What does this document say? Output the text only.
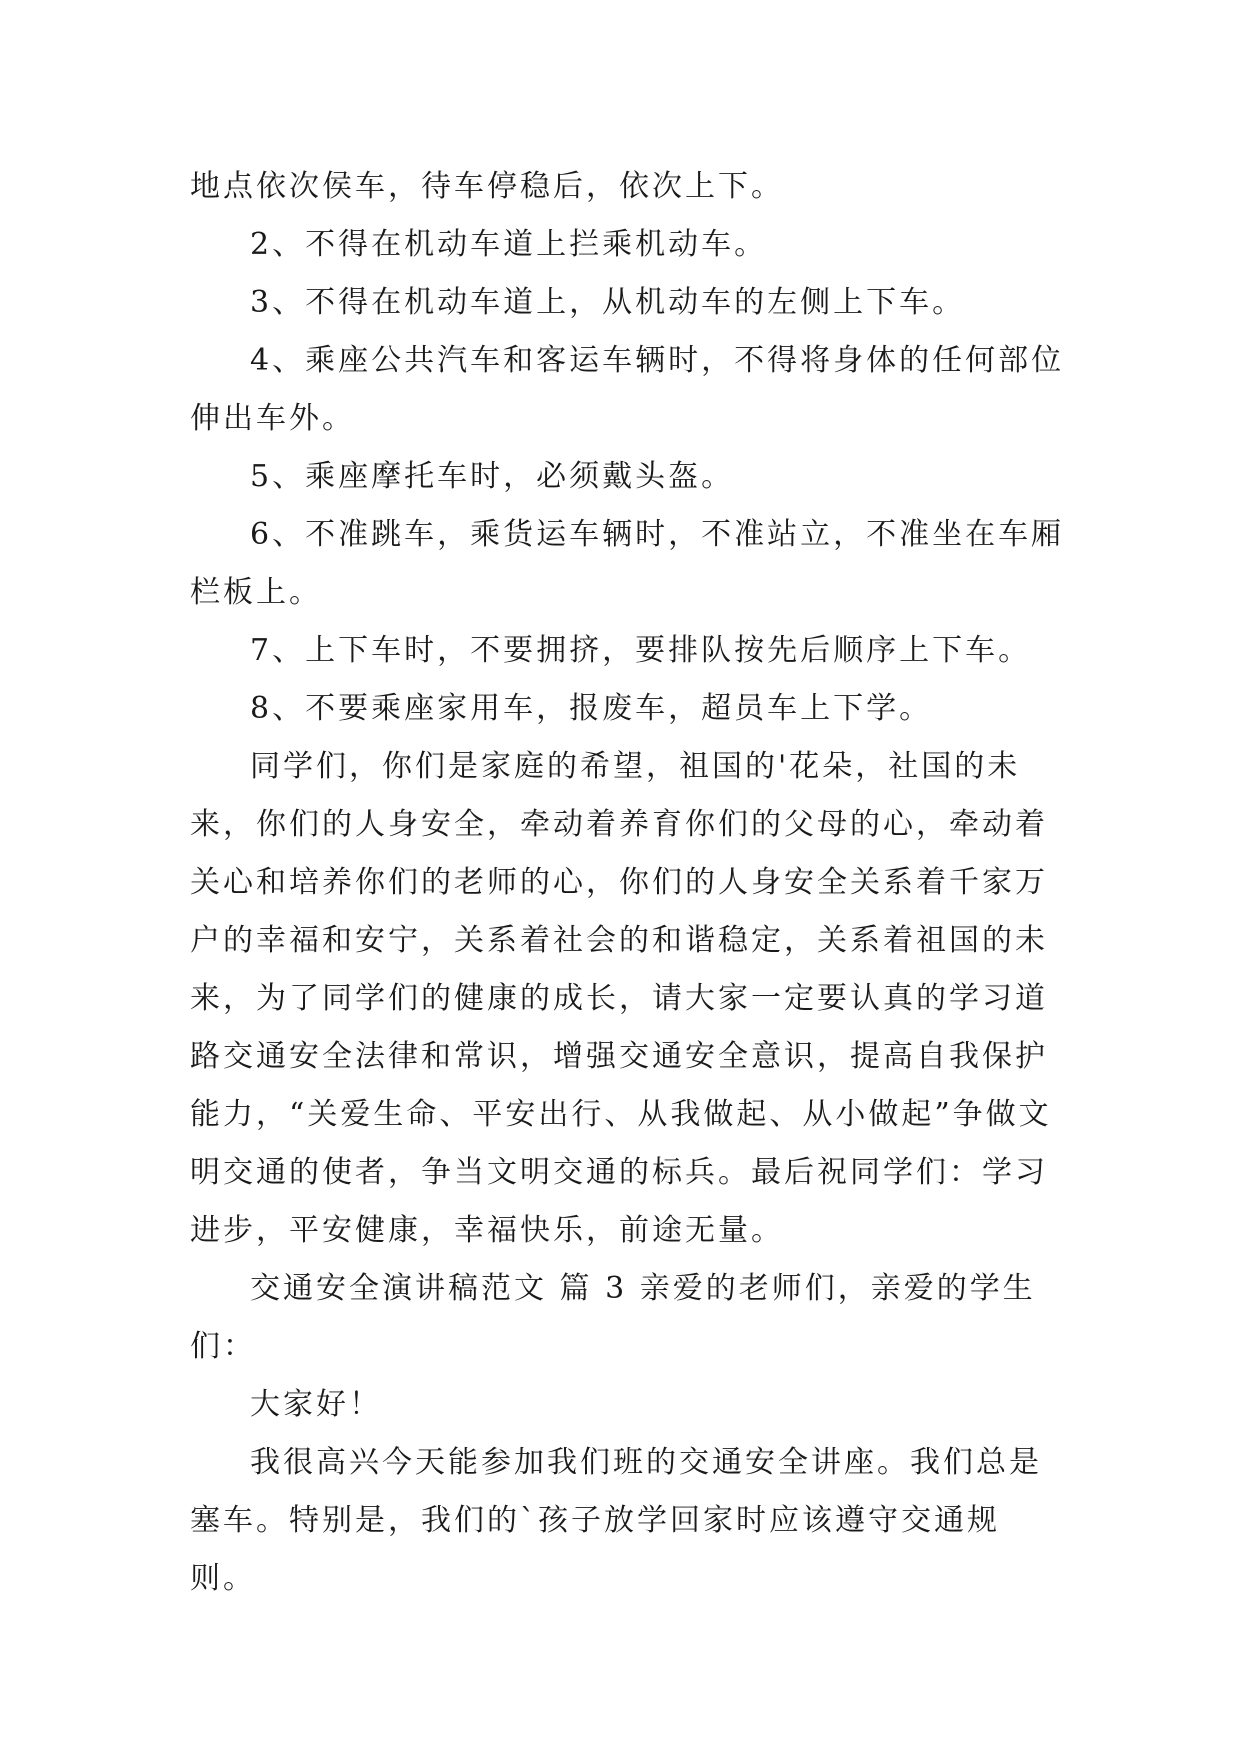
地点依次侯车，待车停稳后，依次上下。

2、不得在机动车道上拦乘机动车。

3、不得在机动车道上，从机动车的左侧上下车。

4、乘座公共汽车和客运车辆时，不得将身体的任何部位伸出车外。

5、乘座摩托车时，必须戴头盔。

6、不准跳车，乘货运车辆时，不准站立，不准坐在车厢栏板上。

7、上下车时，不要拥挤，要排队按先后顺序上下车。

8、不要乘座家用车，报废车，超员车上下学。

同学们，你们是家庭的希望，祖国的'花朵，社国的未来，你们的人身安全，牵动着养育你们的父母的心，牵动着关心和培养你们的老师的心，你们的人身安全关系着千家万户的幸福和安宁，关系着社会的和谐稳定，关系着祖国的未来，为了同学们的健康的成长，请大家一定要认真的学习道路交通安全法律和常识，增强交通安全意识，提高自我保护能力，“关爱生命、平安出行、从我做起、从小做起”争做文明交通的使者，争当文明交通的标兵。最后祝同学们：学习进步，平安健康，幸福快乐，前途无量。

交通安全演讲稿范文 篇 3 亲爱的老师们，亲爱的学生们：

大家好！

我很高兴今天能参加我们班的交通安全讲座。我们总是塞车。特别是，我们的`孩子放学回家时应该遵守交通规则。
